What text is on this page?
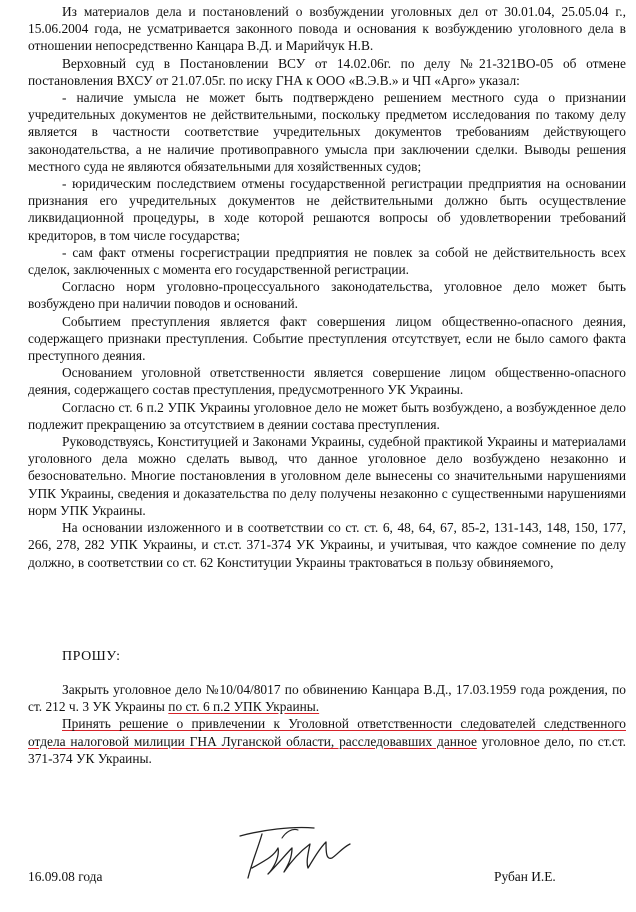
Из материалов дела и постановлений о возбуждении уголовных дел от 30.01.04, 25.05.04 г., 15.06.2004 года, не усматривается законного повода и основания к возбуждению уголовного дела в отношении непосредственно Канцара В.Д. и Марийчук Н.В.

Верховный суд в Постановлении ВСУ от 14.02.06г. по делу №21-321ВО-05 об отмене постановления ВХСУ от 21.07.05г. по иску ГНА к ООО «В.Э.В.» и ЧП «Арго» указал:

- наличие умысла не может быть подтверждено решением местного суда о признании учредительных документов не действительными, поскольку предметом исследования по такому делу является в частности соответствие учредительных документов требованиям действующего законодательства, а не наличие противоправного умысла при заключении сделки. Выводы решения местного суда не являются обязательными для хозяйственных судов;

- юридическим последствием отмены государственной регистрации предприятия на основании признания его учредительных документов не действительными должно быть осуществление ликвидационной процедуры, в ходе которой решаются вопросы об удовлетворении требований кредиторов, в том числе государства;

- сам факт отмены госрегистрации предприятия не повлек за собой не действительность всех сделок, заключенных с момента его государственной регистрации.

Согласно норм уголовно-процессуального законодательства, уголовное дело может быть возбуждено при наличии поводов и оснований.

Событием преступления является факт совершения лицом общественно-опасного деяния, содержащего признаки преступления. Событие преступления отсутствует, если не было самого факта преступного деяния.

Основанием уголовной ответственности является совершение лицом общественно-опасного деяния, содержащего состав преступления, предусмотренного УК Украины.

Согласно ст. 6 п.2 УПК Украины уголовное дело не может быть возбуждено, а возбужденное дело подлежит прекращению за отсутствием в деянии состава преступления.

Руководствуясь, Конституцией и Законами Украины, судебной практикой Украины и материалами уголовного дела можно сделать вывод, что данное уголовное дело возбуждено незаконно и безосновательно. Многие постановления в уголовном деле вынесены со значительными нарушениями УПК Украины, сведения и доказательства по делу получены незаконно с существенными нарушениями норм УПК Украины.

На основании изложенного и в соответствии со ст. ст. 6, 48, 64, 67, 85-2, 131-143, 148, 150, 177, 266, 278, 282 УПК Украины, и ст.ст. 371-374 УК Украины, и учитывая, что каждое сомнение по делу должно, в соответствии со ст. 62 Конституции Украины трактоваться в пользу обвиняемого,

ПРОШУ:

Закрыть уголовное дело №10/04/8017 по обвинению Канцара В.Д., 17.03.1959 года рождения, по ст. 212 ч. 3 УК Украины по ст. 6 п.2 УПК Украины.

Принять решение о привлечении к Уголовной ответственности следователей следственного отдела налоговой милиции ГНА Луганской области, расследовавших данное уголовное дело, по ст.ст. 371-374 УК Украины.

16.09.08 года	Рубан И.Е.
